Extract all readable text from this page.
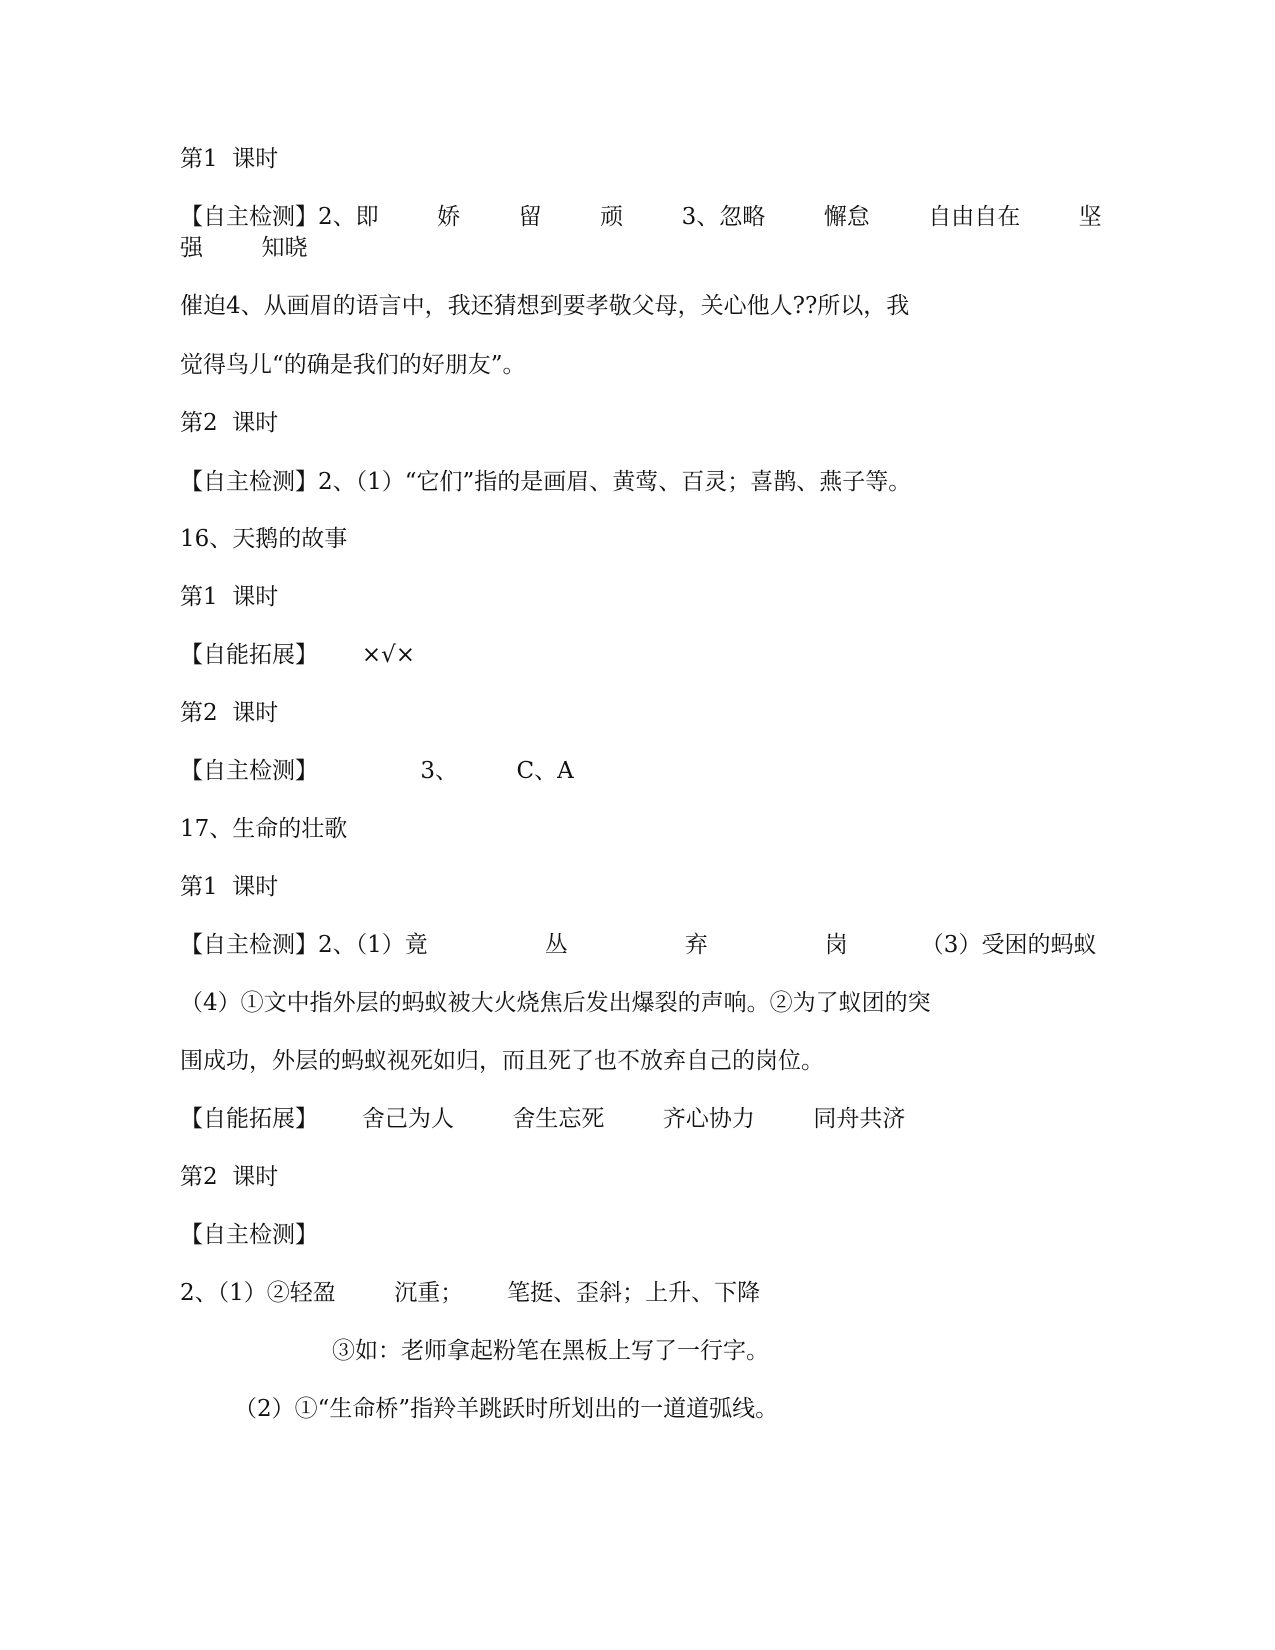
第1  课时
【自主检测】2、即        娇        留        顽        3、忽略        懈怠        自由自在        坚
强        知晓
催迫4、从画眉的语言中，我还猜想到要孝敬父母，关心他人??所以，我
觉得鸟儿“的确是我们的好朋友”。
第2  课时
【自主检测】2、（1）“它们”指的是画眉、黄莺、百灵；喜鹊、燕子等。
16、天鹅的故事
第1  课时
【自能拓展】      ×√×
第2  课时
【自主检测】              3、        C、A
17、生命的壮歌
第1  课时
【自主检测】2、（1）竟                丛                弃                岗          （3）受困的蚂蚁
（4）①文中指外层的蚂蚁被大火烧焦后发出爆裂的声响。②为了蚁团的突
围成功，外层的蚂蚁视死如归，而且死了也不放弃自己的岗位。
【自能拓展】      舍己为人        舍生忘死        齐心协力        同舟共济
第2  课时
【自主检测】
2、（1）②轻盈        沉重；      笔挺、歪斜；上升、下降
③如：老师拿起粉笔在黑板上写了一行字。
（2）①“生命桥”指羚羊跳跃时所划出的一道道弧线。
